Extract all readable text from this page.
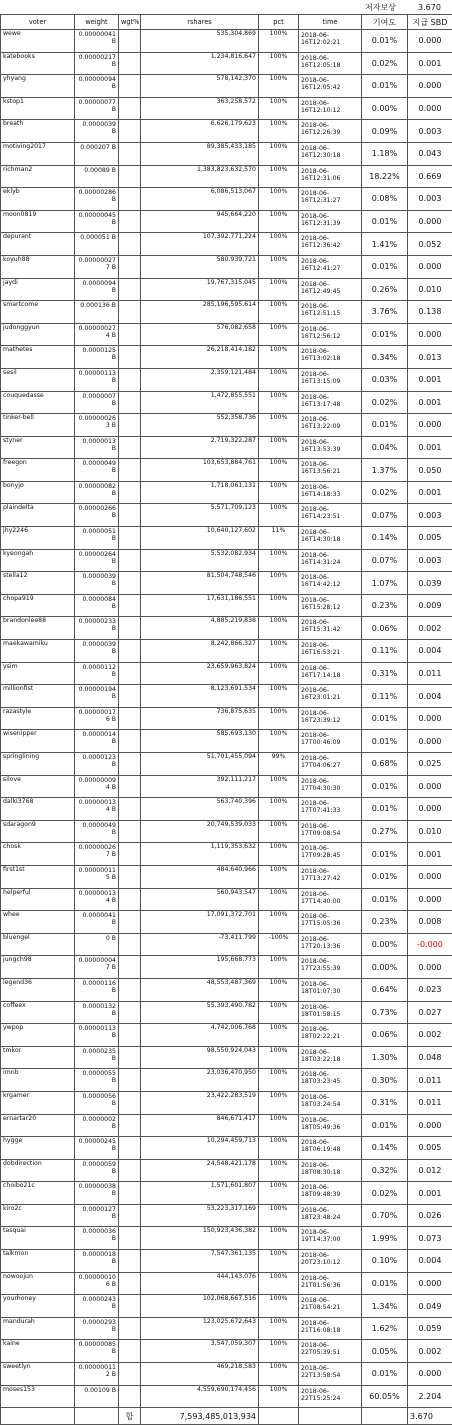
저자보상	3.670
voter	weight	wgt%	rshares	pct	time	기여도	지급 SBD
wewe	0.00000041 B		535,304,869	100%	2018-06-16T12:02:21	0.01%	0.000
katebooks	0.00000217 B		1,234,816,647	100%	2018-06-16T12:05:18	0.02%	0.001
yhyang	0.00000094 B		578,142,370	100%	2018-06-16T12:05:42	0.01%	0.000
kstop1	0.00000077 B		363,258,572	100%	2018-06-16T12:10:12	0.00%	0.000
breath	0.0000039 B		6,626,179,623	100%	2018-06-16T12:26:39	0.09%	0.003
motiving2017	0.000207 B		89,385,433,185	100%	2018-06-16T12:30:18	1.18%	0.043
richman2	0.00089 B		1,383,823,632,570	100%	2018-06-16T12:31:06	18.22%	0.669
eklyb	0.00000286 B		6,086,513,067	100%	2018-06-16T12:31:27	0.08%	0.003
moon0819	0.00000045 B		945,664,220	100%	2018-06-16T12:31:39	0.01%	0.000
depurant	0.000051 B		107,392,771,224	100%	2018-06-16T12:36:42	1.41%	0.052
koyuh88	0.00000027 7 B		580,939,721	100%	2018-06-16T12:41:27	0.01%	0.000
jaydi	0.0000094 B		19,767,315,045	100%	2018-06-16T12:49:45	0.26%	0.010
smartcome	0.000136 B		285,196,595,614	100%	2018-06-16T12:51:15	3.76%	0.138
judonggyun	0.00000027 4 B		576,082,658	100%	2018-06-16T12:56:12	0.01%	0.000
mathetes	0.0000125 B		26,218,414,182	100%	2018-06-16T13:02:18	0.34%	0.013
sesil	0.00000113 B		2,359,121,484	100%	2018-06-16T13:15:09	0.03%	0.001
couquedasse	0.0000007 B		1,472,855,551	100%	2018-06-16T13:17:48	0.02%	0.001
tinker-bell	0.00000026 3 B		552,358,736	100%	2018-06-16T13:22:09	0.01%	0.000
styner	0.0000013 B		2,719,322,287	100%	2018-06-16T13:53:39	0.04%	0.001
freegon	0.0000049 B		103,653,884,761	100%	2018-06-16T13:56:21	1.37%	0.050
bonyjo	0.00000082 B		1,718,061,131	100%	2018-06-16T14:18:33	0.02%	0.001
plaindelta	0.00000266 B		5,571,709,123	100%	2018-06-16T14:23:51	0.07%	0.003
jhy2246	0.0000051 B		10,640,127,602	11%	2018-06-16T14:30:18	0.14%	0.005
kyeongah	0.00000264 B		5,532,082,934	100%	2018-06-16T14:31:24	0.07%	0.003
stella12	0.0000039 B		81,504,748,546	100%	2018-06-16T14:42:12	1.07%	0.039
chopa919	0.0000084 B		17,631,186,551	100%	2018-06-16T15:28:12	0.23%	0.009
brandonlee88	0.00000233 B		4,885,219,838	100%	2018-06-16T15:31:42	0.06%	0.002
maekawamiku	0.0000039 B		8,242,866,327	100%	2018-06-16T16:53:21	0.11%	0.004
ysim	0.0000112 B		23,659,963,824	100%	2018-06-16T17:14:18	0.31%	0.011
millionfist	0.00000194 B		8,123,691,534	100%	2018-06-16T23:01:21	0.11%	0.004
razastyle	0.00000017 6 B		736,875,635	100%	2018-06-16T23:39:12	0.01%	0.000
wisenipper	0.0000014 B		585,693,130	100%	2018-06-17T00:46:09	0.01%	0.000
springlining	0.0000123 B		51,701,455,094	99%	2018-06-17T04:06:27	0.68%	0.025
silove	0.00000009 4 B		392,111,217	100%	2018-06-17T04:30:30	0.01%	0.000
dalki3768	0.00000013 4 B		563,740,396	100%	2018-06-17T07:41:33	0.01%	0.000
sdaragon9	0.0000049 B		20,749,539,033	100%	2018-06-17T09:08:54	0.27%	0.010
chosk	0.00000026 7 B		1,119,353,632	100%	2018-06-17T09:28:45	0.01%	0.001
first1st	0.00000011 5 B		484,640,966	100%	2018-06-17T13:27:42	0.01%	0.000
helperful	0.00000013 4 B		560,943,547	100%	2018-06-17T14:40:00	0.01%	0.000
whee	0.0000041 B		17,091,372,701	100%	2018-06-17T15:05:36	0.23%	0.008
bluengel	0 B		-73,411,799	-100%	2018-06-17T20:13:36	0.00%	-0.000
jungch98	0.00000004 7 B		195,668,773	100%	2018-06-17T23:55:39	0.00%	0.000
legend36	0.0000116 B		48,553,487,369	100%	2018-06-18T01:07:30	0.64%	0.023
coffeex	0.0000132 B		55,393,490,782	100%	2018-06-18T01:58:15	0.73%	0.027
ywpop	0.00000113 B		4,742,006,768	100%	2018-06-18T02:22:21	0.06%	0.002
tmkor	0.0000235 B		98,550,924,043	100%	2018-06-18T03:22:18	1.30%	0.048
imnb	0.0000055 B		23,036,470,950	100%	2018-06-18T03:23:45	0.30%	0.011
krgamer	0.0000056 B		23,422,283,519	100%	2018-06-18T03:24:54	0.31%	0.011
ernartar20	0.0000002 B		846,671,417	100%	2018-06-18T05:49:36	0.01%	0.000
hygge	0.00000245 B		10,294,459,713	100%	2018-06-18T06:19:48	0.14%	0.005
dobdirection	0.0000059 B		24,548,421,178	100%	2018-06-18T08:30:18	0.32%	0.012
choibo21c	0.00000038 B		1,571,601,807	100%	2018-06-18T09:48:39	0.02%	0.001
kiro2c	0.0000127 B		53,223,317,169	100%	2018-06-18T23:48:24	0.70%	0.026
tasquai	0.0000036 B		150,923,436,382	100%	2018-06-19T14:37:00	1.99%	0.073
talkmon	0.0000018 B		7,547,361,135	100%	2018-06-20T23:10:12	0.10%	0.004
nowoojun	0.00000010 6 B		444,143,076	100%	2018-06-21T01:56:36	0.01%	0.000
yourhoney	0.0000243 B		102,068,667,516	100%	2018-06-21T08:54:21	1.34%	0.049
mandurah	0.0000293 B		123,025,672,643	100%	2018-06-21T16:08:18	1.62%	0.059
kaine	0.00000085 B		3,547,059,307	100%	2018-06-22T05:39:51	0.05%	0.002
sweetlyn	0.00000011 2 B		469,218,583	100%	2018-06-22T13:58:54	0.01%	0.000
moses153	0.00109 B		4,559,690,174,456	100%	2018-06-22T15:25:24	60.05%	2.204
		합	7,593,485,013,934				3.670
